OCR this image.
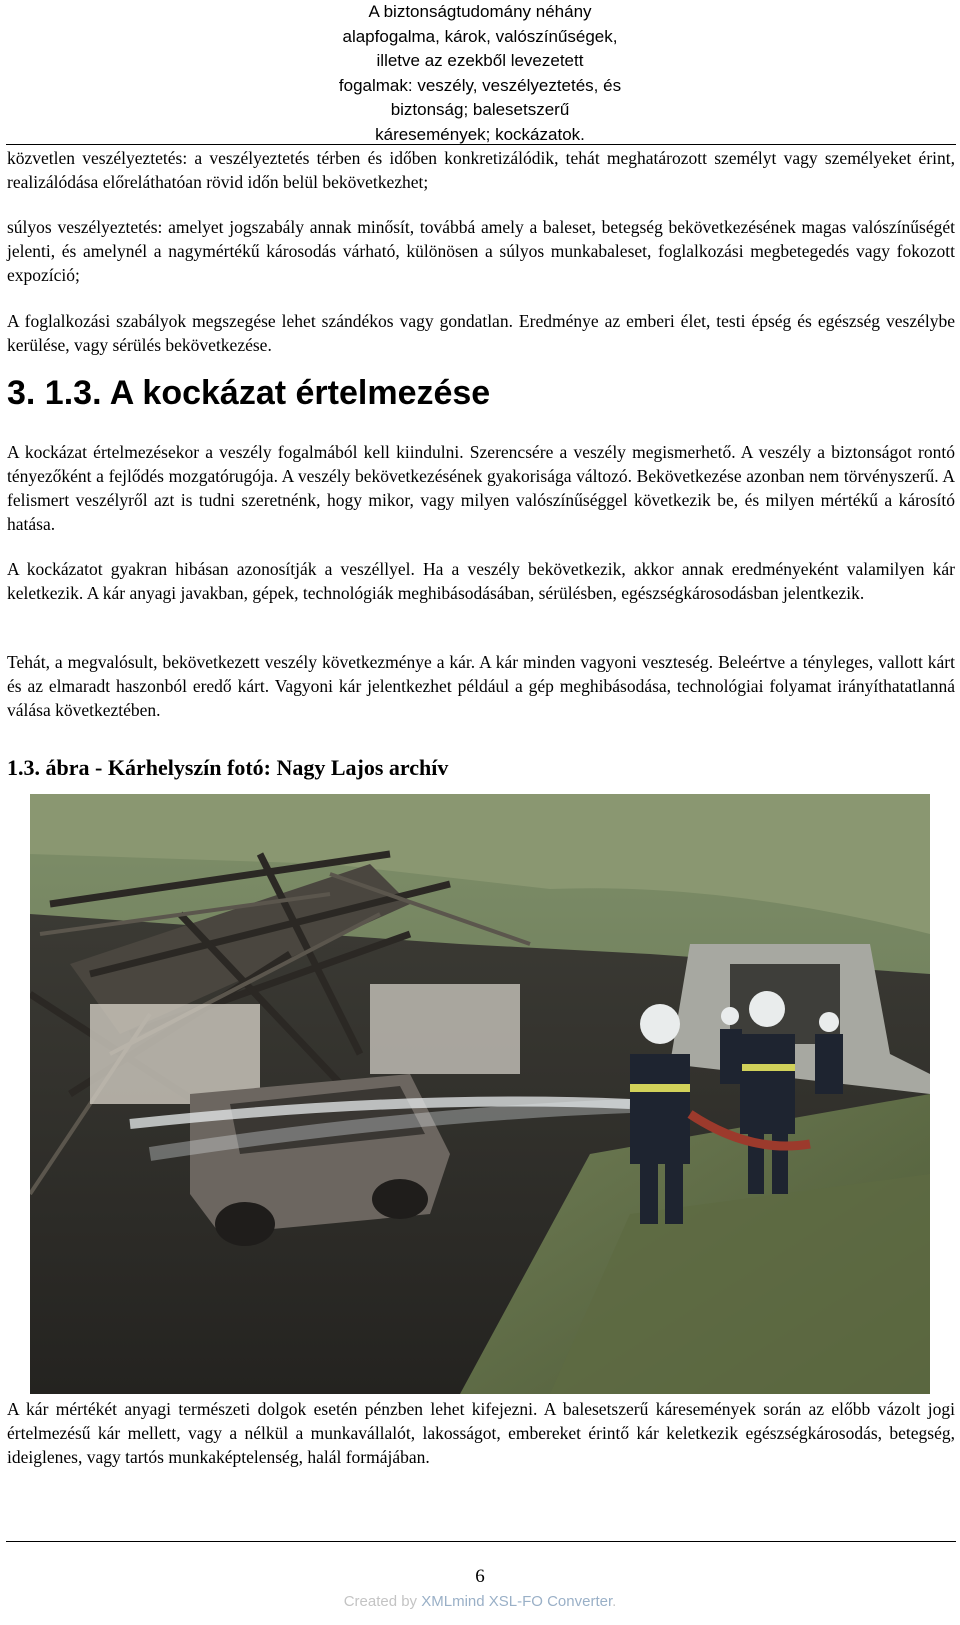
A biztonságtudomány néhány
alapfogalma, károk, valószínűségek,
illetve az ezekből levezetett
fogalmak: veszély, veszélyeztetés, és
biztonság; balesetszerű
káresemények; kockázatok.

közvetlen veszélyeztetés: a veszélyeztetés térben és időben konkretizálódik, tehát meghatározott személyt vagy személyeket érint, realizálódása előreláthatóan rövid időn belül bekövetkezhet;

súlyos veszélyeztetés: amelyet jogszabály annak minősít, továbbá amely a baleset, betegség bekövetkezésének magas valószínűségét jelenti, és amelynél a nagymértékű károsodás várható, különösen a súlyos munkabaleset, foglalkozási megbetegedés vagy fokozott expozíció;

A foglalkozási szabályok megszegése lehet szándékos vagy gondatlan. Eredménye az emberi élet, testi épség és egészség veszélybe kerülése, vagy sérülés bekövetkezése.

3. 1.3. A kockázat értelmezése

A kockázat értelmezésekor a veszély fogalmából kell kiindulni. Szerencsére a veszély megismerhető. A veszély a biztonságot rontó tényezőként a fejlődés mozgatórugója. A veszély bekövetkezésének gyakorisága változó. Bekövetkezése azonban nem törvényszerű. A felismert veszélyről azt is tudni szeretnénk, hogy mikor, vagy milyen valószínűséggel következik be, és milyen mértékű a károsító hatása.

A kockázatot gyakran hibásan azonosítják a veszéllyel. Ha a veszély bekövetkezik, akkor annak eredményeként valamilyen kár keletkezik. A kár anyagi javakban, gépek, technológiák meghibásodásában, sérülésben, egészségkárosodásban jelentkezik.

Tehát, a megvalósult, bekövetkezett veszély következménye a kár. A kár minden vagyoni veszteség. Beleértve a tényleges, vallott kárt és az elmaradt haszonból eredő kárt. Vagyoni kár jelentkezhet például a gép meghibásodása, technológiai folyamat irányíthatatlanná válása következtében.

1.3. ábra - Kárhelyszín fotó: Nagy Lajos archív

A kár mértékét anyagi természeti dolgok esetén pénzben lehet kifejezni. A balesetszerű káresemények során az előbb vázolt jogi értelmezésű kár mellett, vagy a nélkül a munkavállalót, lakosságot, embereket érintő kár keletkezik egészségkárosodás, betegség, ideiglenes, vagy tartós munkaképtelenség, halál formájában.

6
Created by XMLmind XSL-FO Converter.
